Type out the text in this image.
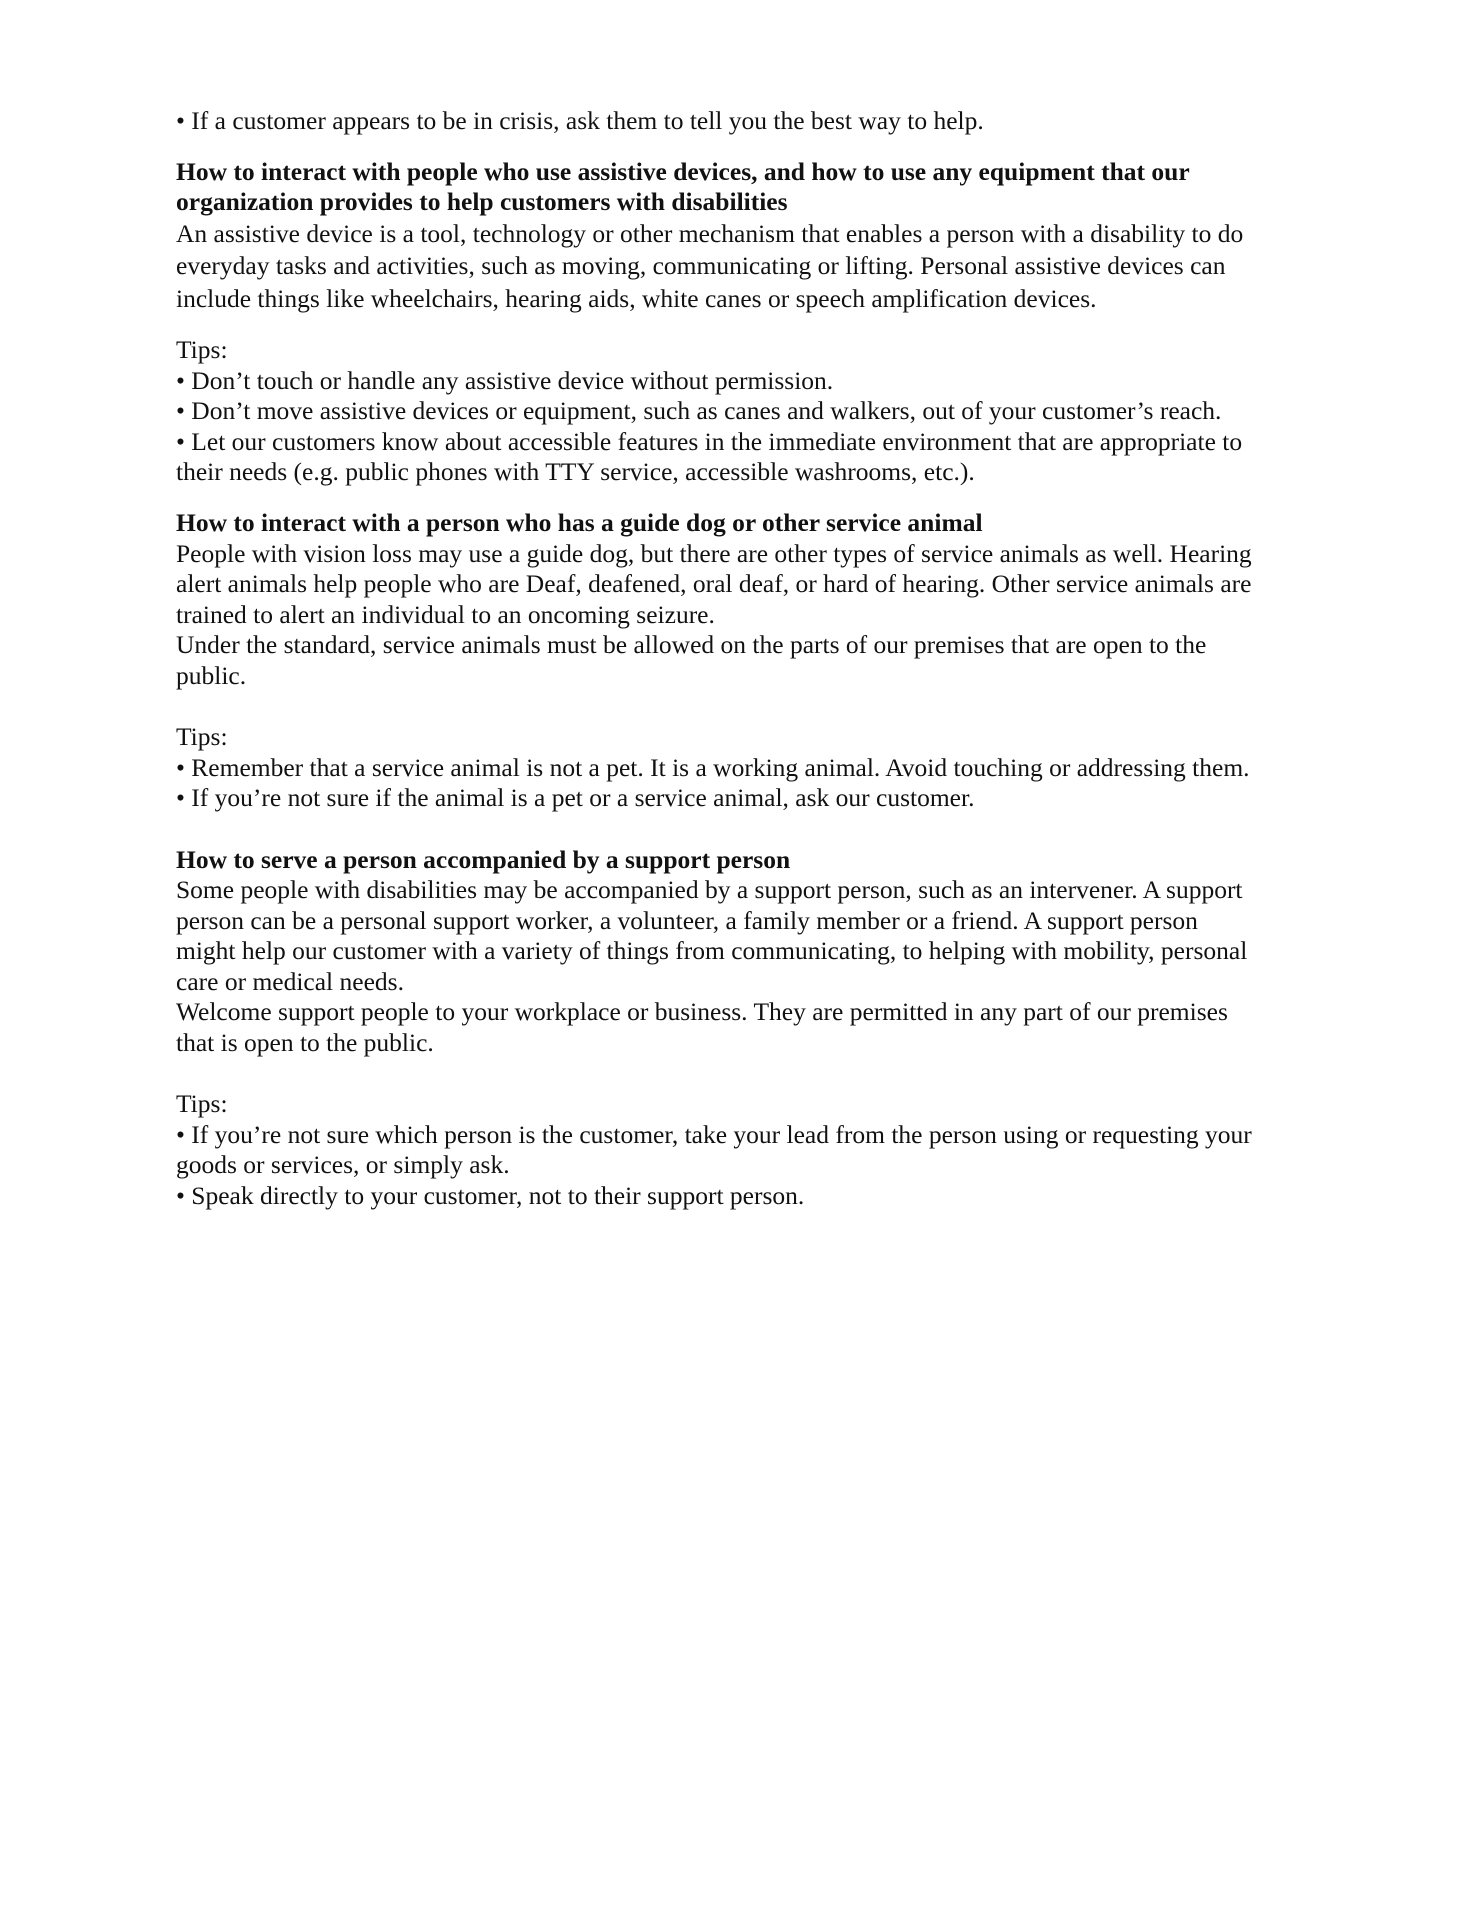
• If a customer appears to be in crisis, ask them to tell you the best way to help.
How to interact with people who use assistive devices, and how to use any equipment that our
organization provides to help customers with disabilities
An assistive device is a tool, technology or other mechanism that enables a person with a disability to do
everyday tasks and activities, such as moving, communicating or lifting. Personal assistive devices can
include things like wheelchairs, hearing aids, white canes or speech amplification devices.
Tips:
• Don’t touch or handle any assistive device without permission.
• Don’t move assistive devices or equipment, such as canes and walkers, out of your customer’s reach.
• Let our customers know about accessible features in the immediate environment that are appropriate to
their needs (e.g. public phones with TTY service, accessible washrooms, etc.).
How to interact with a person who has a guide dog or other service animal
People with vision loss may use a guide dog, but there are other types of service animals as well. Hearing
alert animals help people who are Deaf, deafened, oral deaf, or hard of hearing. Other service animals are
trained to alert an individual to an oncoming seizure.
Under the standard, service animals must be allowed on the parts of our premises that are open to the
public.
Tips:
• Remember that a service animal is not a pet. It is a working animal. Avoid touching or addressing them.
• If you’re not sure if the animal is a pet or a service animal, ask our customer.
How to serve a person accompanied by a support person
Some people with disabilities may be accompanied by a support person, such as an intervener. A support
person can be a personal support worker, a volunteer, a family member or a friend. A support person
might help our customer with a variety of things from communicating, to helping with mobility, personal
care or medical needs.
Welcome support people to your workplace or business. They are permitted in any part of our premises
that is open to the public.
Tips:
• If you’re not sure which person is the customer, take your lead from the person using or requesting your
goods or services, or simply ask.
• Speak directly to your customer, not to their support person.
